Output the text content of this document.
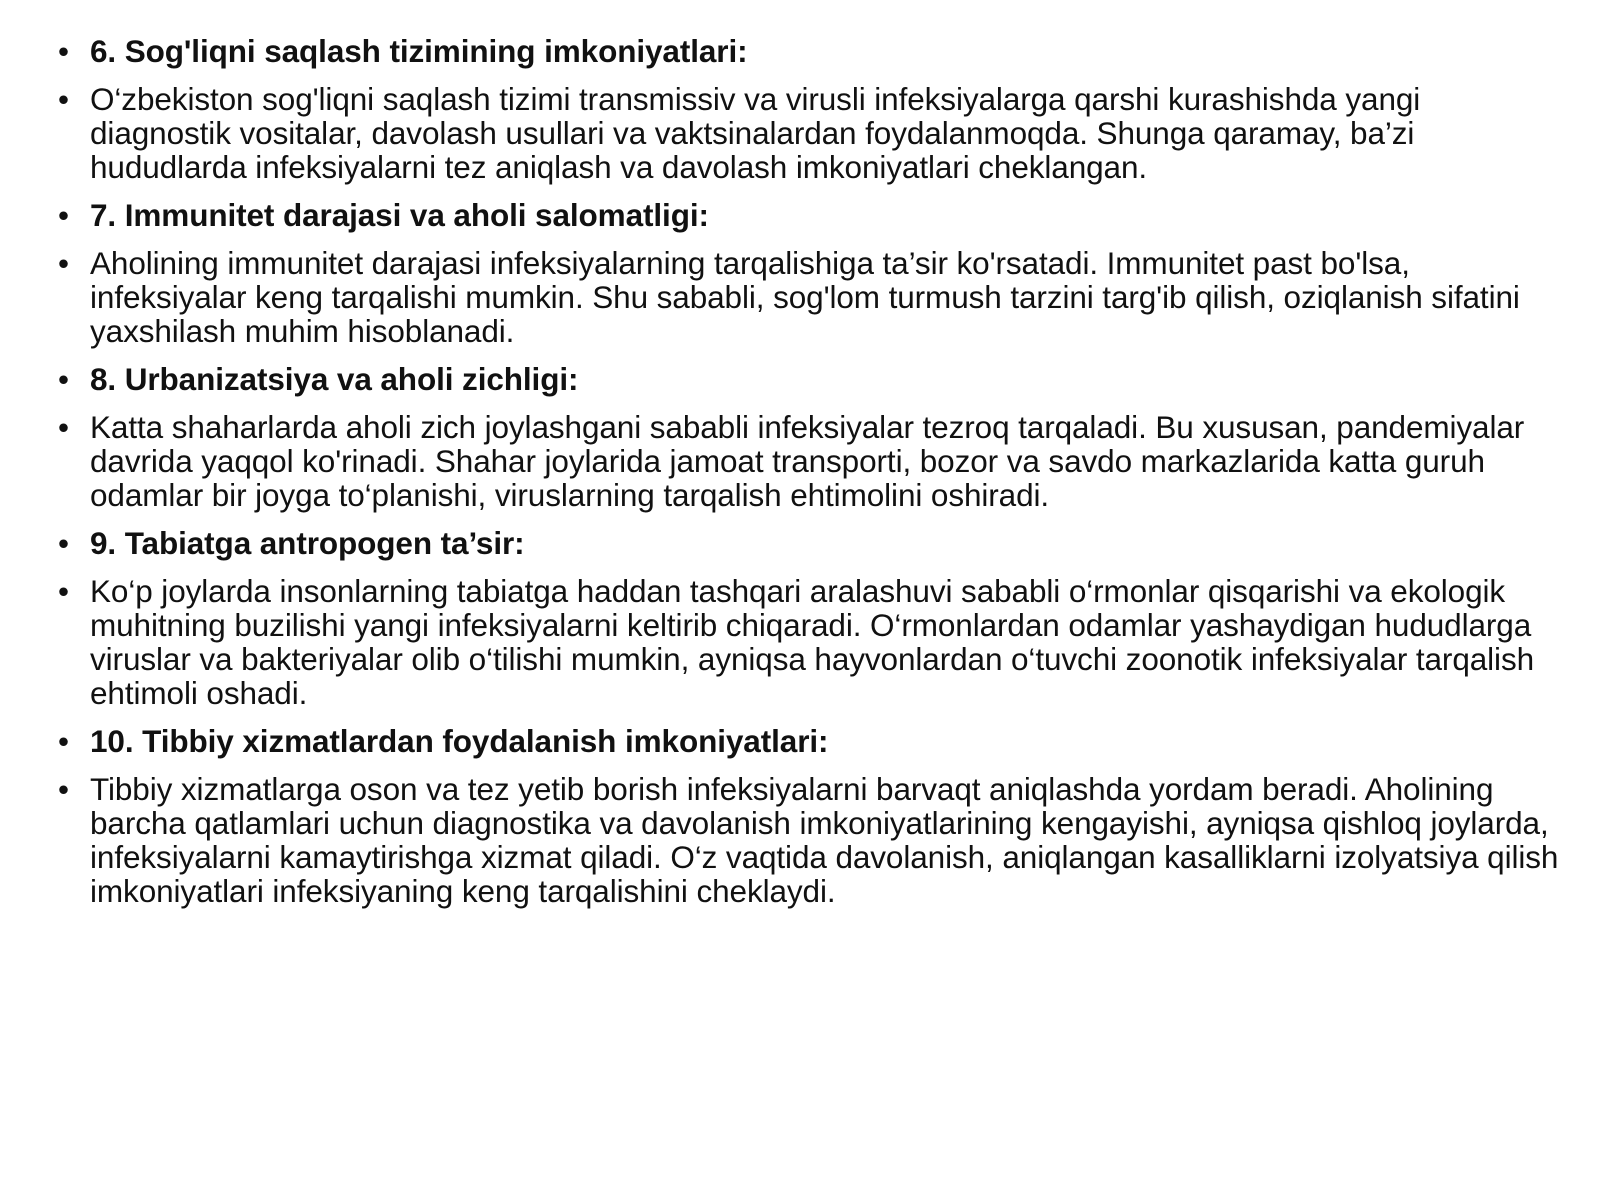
• 6. Sog'liqni saqlash tizimining imkoniyatlari:
• O‘zbekiston sog'liqni saqlash tizimi transmissiv va virusli infeksiyalarga qarshi kurashishda yangi diagnostik vositalar, davolash usullari va vaktsinalardan foydalanmoqda. Shunga qaramay, ba’zi hududlarda infeksiyalarni tez aniqlash va davolash imkoniyatlari cheklangan.
• 7. Immunitet darajasi va aholi salomatligi:
• Aholining immunitet darajasi infeksiyalarning tarqalishiga ta’sir ko'rsatadi. Immunitet past bo'lsa, infeksiyalar keng tarqalishi mumkin. Shu sababli, sog'lom turmush tarzini targ'ib qilish, oziqlanish sifatini yaxshilash muhim hisoblanadi.
• 8. Urbanizatsiya va aholi zichligi:
• Katta shaharlarda aholi zich joylashgani sababli infeksiyalar tezroq tarqaladi. Bu xususan, pandemiyalar davrida yaqqol ko'rinadi. Shahar joylarida jamoat transporti, bozor va savdo markazlarida katta guruh odamlar bir joyga to‘planishi, viruslarning tarqalish ehtimolini oshiradi.
• 9. Tabiatga antropogen ta’sir:
• Ko‘p joylarda insonlarning tabiatga haddan tashqari aralashuvi sababli o‘rmonlar qisqarishi va ekologik muhitning buzilishi yangi infeksiyalarni keltirib chiqaradi. O‘rmonlardan odamlar yashaydigan hududlarga viruslar va bakteriyalar olib o‘tilishi mumkin, ayniqsa hayvonlardan o‘tuvchi zoonotik infeksiyalar tarqalish ehtimoli oshadi.
• 10. Tibbiy xizmatlardan foydalanish imkoniyatlari:
• Tibbiy xizmatlarga oson va tez yetib borish infeksiyalarni barvaqt aniqlashda yordam beradi. Aholining barcha qatlamlari uchun diagnostika va davolanish imkoniyatlarining kengayishi, ayniqsa qishloq joylarda, infeksiyalarni kamaytirishga xizmat qiladi. O‘z vaqtida davolanish, aniqlangan kasalliklarni izolyatsiya qilish imkoniyatlari infeksiyaning keng tarqalishini cheklaydi.
